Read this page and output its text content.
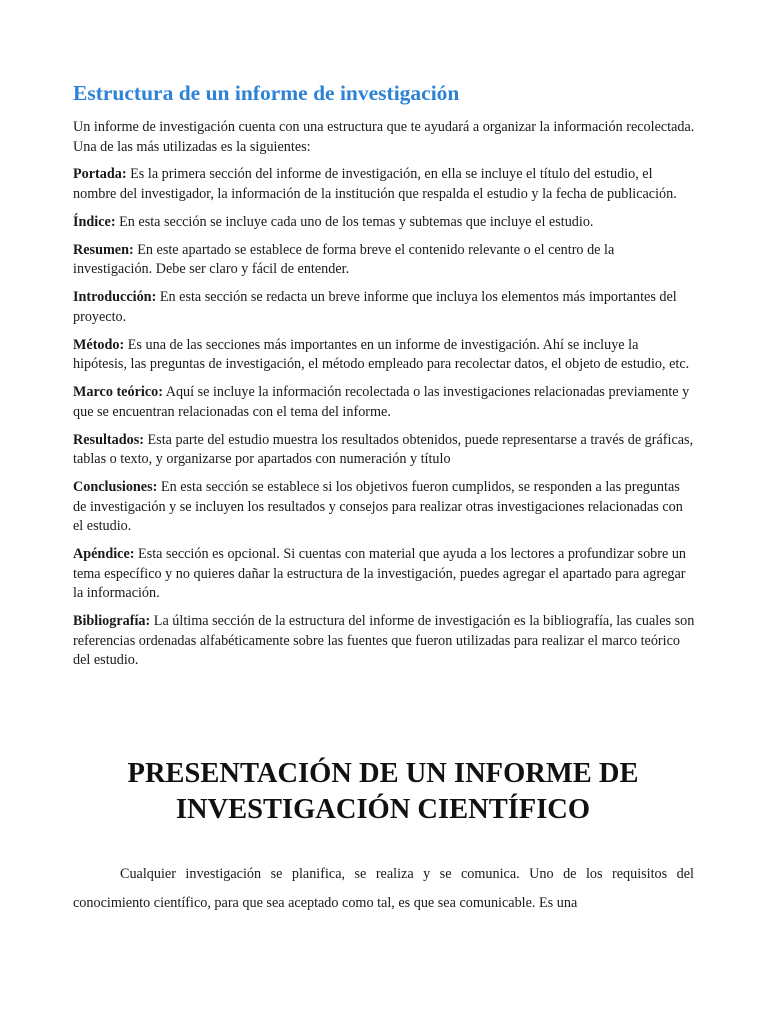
Estructura de un informe de investigación

Un informe de investigación cuenta con una estructura que te ayudará a organizar la información recolectada. Una de las más utilizadas es la siguientes:

Portada: Es la primera sección del informe de investigación, en ella se incluye el título del estudio, el nombre del investigador, la información de la institución que respalda el estudio y la fecha de publicación.

Índice: En esta sección se incluye cada uno de los temas y subtemas que incluye el estudio.

Resumen: En este apartado se establece de forma breve el contenido relevante o el centro de la investigación. Debe ser claro y fácil de entender.

Introducción: En esta sección se redacta un breve informe que incluya los elementos más importantes del proyecto.

Método: Es una de las secciones más importantes en un informe de investigación. Ahí se incluye la hipótesis, las preguntas de investigación, el método empleado para recolectar datos, el objeto de estudio, etc.

Marco teórico: Aquí se incluye la información recolectada o las investigaciones relacionadas previamente y que se encuentran relacionadas con el tema del informe.

Resultados: Esta parte del estudio muestra los resultados obtenidos, puede representarse a través de gráficas, tablas o texto, y organizarse por apartados con numeración y título

Conclusiones: En esta sección se establece si los objetivos fueron cumplidos, se responden a las preguntas de investigación y se incluyen los resultados y consejos para realizar otras investigaciones relacionadas con el estudio.

Apéndice: Esta sección es opcional. Si cuentas con material que ayuda a los lectores a profundizar sobre un tema específico y no quieres dañar la estructura de la investigación, puedes agregar el apartado para agregar la información.

Bibliografía: La última sección de la estructura del informe de investigación es la bibliografía, las cuales son referencias ordenadas alfabéticamente sobre las fuentes que fueron utilizadas para realizar el marco teórico del estudio.

PRESENTACIÓN DE UN INFORME DE INVESTIGACIÓN CIENTÍFICO

Cualquier investigación se planifica, se realiza y se comunica. Uno de los requisitos del conocimiento científico, para que sea aceptado como tal, es que sea comunicable. Es una
